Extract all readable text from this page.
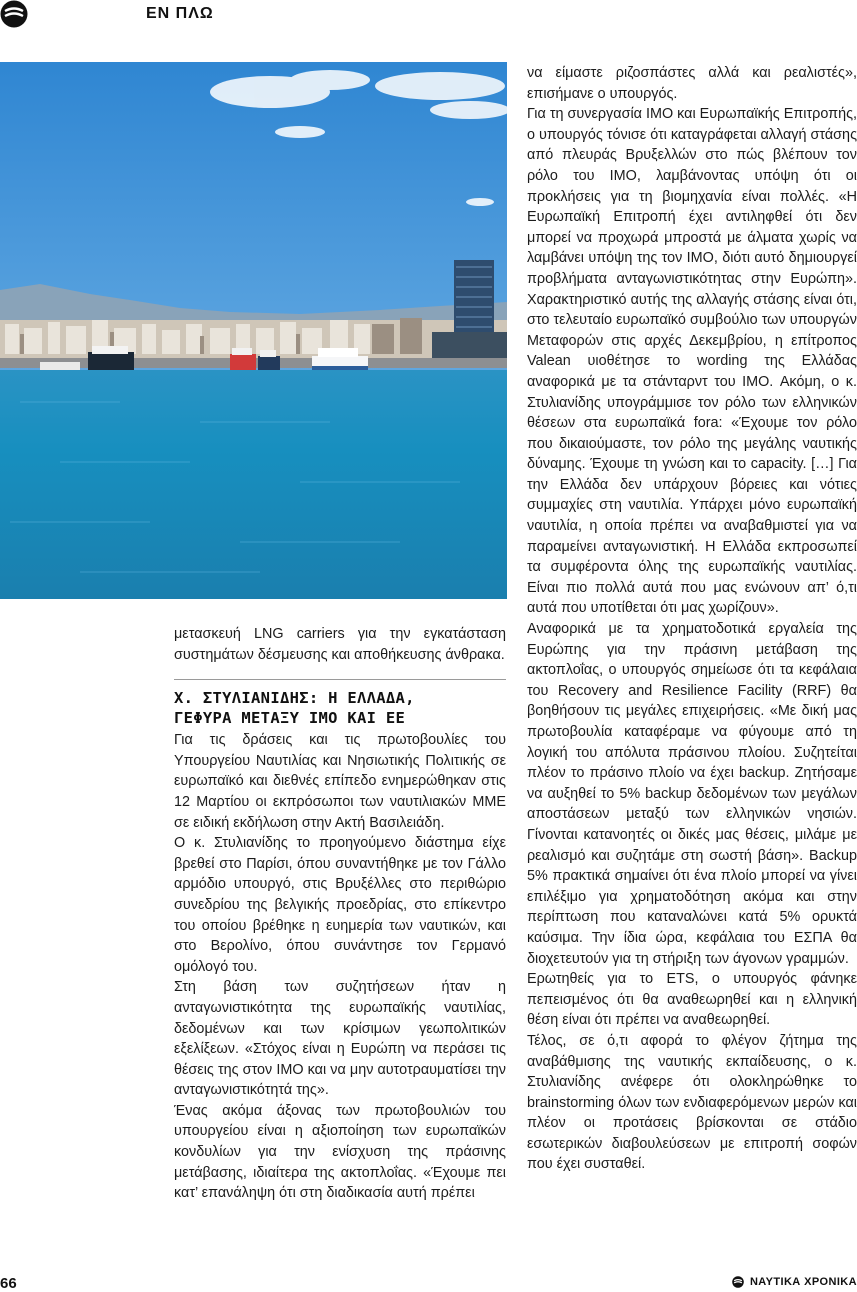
ΕΝ ΠΛΩ

μετασκευή LNG carriers για την εγκατάσταση συστημάτων δέσμευσης και αποθήκευσης άνθρακα.

Χ. ΣΤΥΛΙΑΝΙΔΗΣ: Η ΕΛΛΑΔΑ,
ΓΕΦΥΡΑ ΜΕΤΑΞΥ IMO ΚΑΙ ΕΕ

Για τις δράσεις και τις πρωτοβουλίες του Υπουργείου Ναυτιλίας και Νησιωτικής Πολιτικής σε ευρωπαϊκό και διεθνές επίπεδο ενημερώθηκαν στις 12 Μαρτίου οι εκπρόσωποι των ναυτιλιακών ΜΜΕ σε ειδική εκδήλωση στην Ακτή Βασιλειάδη.

Ο κ. Στυλιανίδης το προηγούμενο διάστημα είχε βρεθεί στο Παρίσι, όπου συναντήθηκε με τον Γάλλο αρμόδιο υπουργό, στις Βρυξέλλες στο περιθώριο συνεδρίου της βελγικής προεδρίας, στο επίκεντρο του οποίου βρέθηκε η ευημερία των ναυτικών, και στο Βερολίνο, όπου συνάντησε τον Γερμανό ομόλογό του.

Στη βάση των συζητήσεων ήταν η ανταγωνιστικότητα της ευρωπαϊκής ναυτιλίας, δεδομένων και των κρίσιμων γεωπολιτικών εξελίξεων. «Στόχος είναι η Ευρώπη να περάσει τις θέσεις της στον IMO και να μην αυτοτραυματίσει την ανταγωνιστικότητά της».

Ένας ακόμα άξονας των πρωτοβουλιών του υπουργείου είναι η αξιοποίηση των ευρωπαϊκών κονδυλίων για την ενίσχυση της πράσινης μετάβασης, ιδιαίτερα της ακτοπλοΐας. «Έχουμε πει κατ’ επανάληψη ότι στη διαδικασία αυτή πρέπει

να είμαστε ριζοσπάστες αλλά και ρεαλιστές», επισήμανε ο υπουργός.

Για τη συνεργασία IMO και Ευρωπαϊκής Επιτροπής, ο υπουργός τόνισε ότι καταγράφεται αλλαγή στάσης από πλευράς Βρυξελλών στο πώς βλέπουν τον ρόλο του IMO, λαμβάνοντας υπόψη ότι οι προκλήσεις για τη βιομηχανία είναι πολλές. «Η Ευρωπαϊκή Επιτροπή έχει αντιληφθεί ότι δεν μπορεί να προχωρά μπροστά με άλματα χωρίς να λαμβάνει υπόψη της τον IMO, διότι αυτό δημιουργεί προβλήματα ανταγωνιστικότητας στην Ευρώπη». Χαρακτηριστικό αυτής της αλλαγής στάσης είναι ότι, στο τελευταίο ευρωπαϊκό συμβούλιο των υπουργών Μεταφορών στις αρχές Δεκεμβρίου, η επίτροπος Valean υιοθέτησε το wording της Ελλάδας αναφορικά με τα στάνταρντ του IMO. Ακόμη, ο κ. Στυλιανίδης υπογράμμισε τον ρόλο των ελληνικών θέσεων στα ευρωπαϊκά fora: «Έχουμε τον ρόλο που δικαιούμαστε, τον ρόλο της μεγάλης ναυτικής δύναμης. Έχουμε τη γνώση και το capacity. […] Για την Ελλάδα δεν υπάρχουν βόρειες και νότιες συμμαχίες στη ναυτιλία. Υπάρχει μόνο ευρωπαϊκή ναυτιλία, η οποία πρέπει να αναβαθμιστεί για να παραμείνει ανταγωνιστική. Η Ελλάδα εκπροσωπεί τα συμφέροντα όλης της ευρωπαϊκής ναυτιλίας. Είναι πιο πολλά αυτά που μας ενώνουν απ’ ό,τι αυτά που υποτίθεται ότι μας χωρίζουν».

Αναφορικά με τα χρηματοδοτικά εργαλεία της Ευρώπης για την πράσινη μετάβαση της ακτοπλοΐας, ο υπουργός σημείωσε ότι τα κεφάλαια του Recovery and Resilience Facility (RRF) θα βοηθήσουν τις μεγάλες επιχειρήσεις. «Με δική μας πρωτοβουλία καταφέραμε να φύγουμε από τη λογική του απόλυτα πράσινου πλοίου. Συζητείται πλέον το πράσινο πλοίο να έχει backup. Ζητήσαμε να αυξηθεί το 5% backup δεδομένων των μεγάλων αποστάσεων μεταξύ των ελληνικών νησιών. Γίνονται κατανοητές οι δικές μας θέσεις, μιλάμε με ρεαλισμό και συζητάμε στη σωστή βάση». Backup 5% πρακτικά σημαίνει ότι ένα πλοίο μπορεί να γίνει επιλέξιμο για χρηματοδότηση ακόμα και στην περίπτωση που καταναλώνει κατά 5% ορυκτά καύσιμα. Την ίδια ώρα, κεφάλαια του ΕΣΠΑ θα διοχετευτούν για τη στήριξη των άγονων γραμμών.

Ερωτηθείς για το ETS, ο υπουργός φάνηκε πεπεισμένος ότι θα αναθεωρηθεί και η ελληνική θέση είναι ότι πρέπει να αναθεωρηθεί.

Τέλος, σε ό,τι αφορά το φλέγον ζήτημα της αναβάθμισης της ναυτικής εκπαίδευσης, ο κ. Στυλιανίδης ανέφερε ότι ολοκληρώθηκε το brainstorming όλων των ενδιαφερόμενων μερών και πλέον οι προτάσεις βρίσκονται σε στάδιο εσωτερικών διαβουλεύσεων με επιτροπή σοφών που έχει συσταθεί.

66	ΝΑΥΤΙΚΑ ΧΡΟΝΙΚΑ
